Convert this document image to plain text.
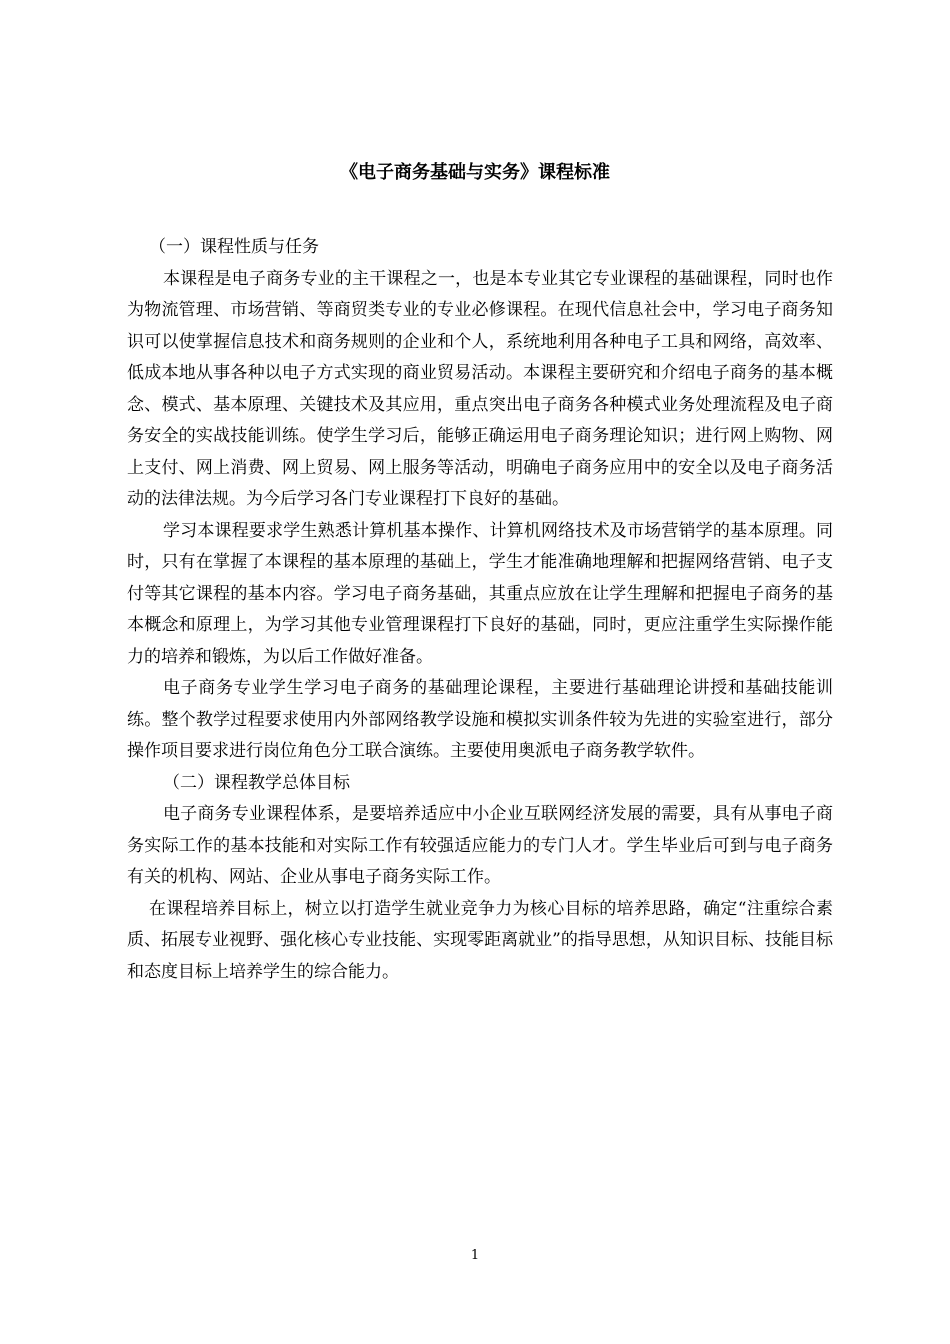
《电子商务基础与实务》课程标准

（一）课程性质与任务

本课程是电子商务专业的主干课程之一，也是本专业其它专业课程的基础课程，同时也作为物流管理、市场营销、等商贸类专业的专业必修课程。在现代信息社会中，学习电子商务知识可以使掌握信息技术和商务规则的企业和个人，系统地利用各种电子工具和网络，高效率、低成本地从事各种以电子方式实现的商业贸易活动。本课程主要研究和介绍电子商务的基本概念、模式、基本原理、关键技术及其应用，重点突出电子商务各种模式业务处理流程及电子商务安全的实战技能训练。使学生学习后，能够正确运用电子商务理论知识；进行网上购物、网上支付、网上消费、网上贸易、网上服务等活动，明确电子商务应用中的安全以及电子商务活动的法律法规。为今后学习各门专业课程打下良好的基础。

学习本课程要求学生熟悉计算机基本操作、计算机网络技术及市场营销学的基本原理。同时，只有在掌握了本课程的基本原理的基础上，学生才能准确地理解和把握网络营销、电子支付等其它课程的基本内容。学习电子商务基础，其重点应放在让学生理解和把握电子商务的基本概念和原理上，为学习其他专业管理课程打下良好的基础，同时，更应注重学生实际操作能力的培养和锻炼，为以后工作做好准备。

电子商务专业学生学习电子商务的基础理论课程，主要进行基础理论讲授和基础技能训练。整个教学过程要求使用内外部网络教学设施和模拟实训条件较为先进的实验室进行，部分操作项目要求进行岗位角色分工联合演练。主要使用奥派电子商务教学软件。

（二）课程教学总体目标

电子商务专业课程体系，是要培养适应中小企业互联网经济发展的需要，具有从事电子商务实际工作的基本技能和对实际工作有较强适应能力的专门人才。学生毕业后可到与电子商务有关的机构、网站、企业从事电子商务实际工作。

在课程培养目标上，树立以打造学生就业竞争力为核心目标的培养思路，确定“注重综合素质、拓展专业视野、强化核心专业技能、实现零距离就业”的指导思想，从知识目标、技能目标和态度目标上培养学生的综合能力。

1
